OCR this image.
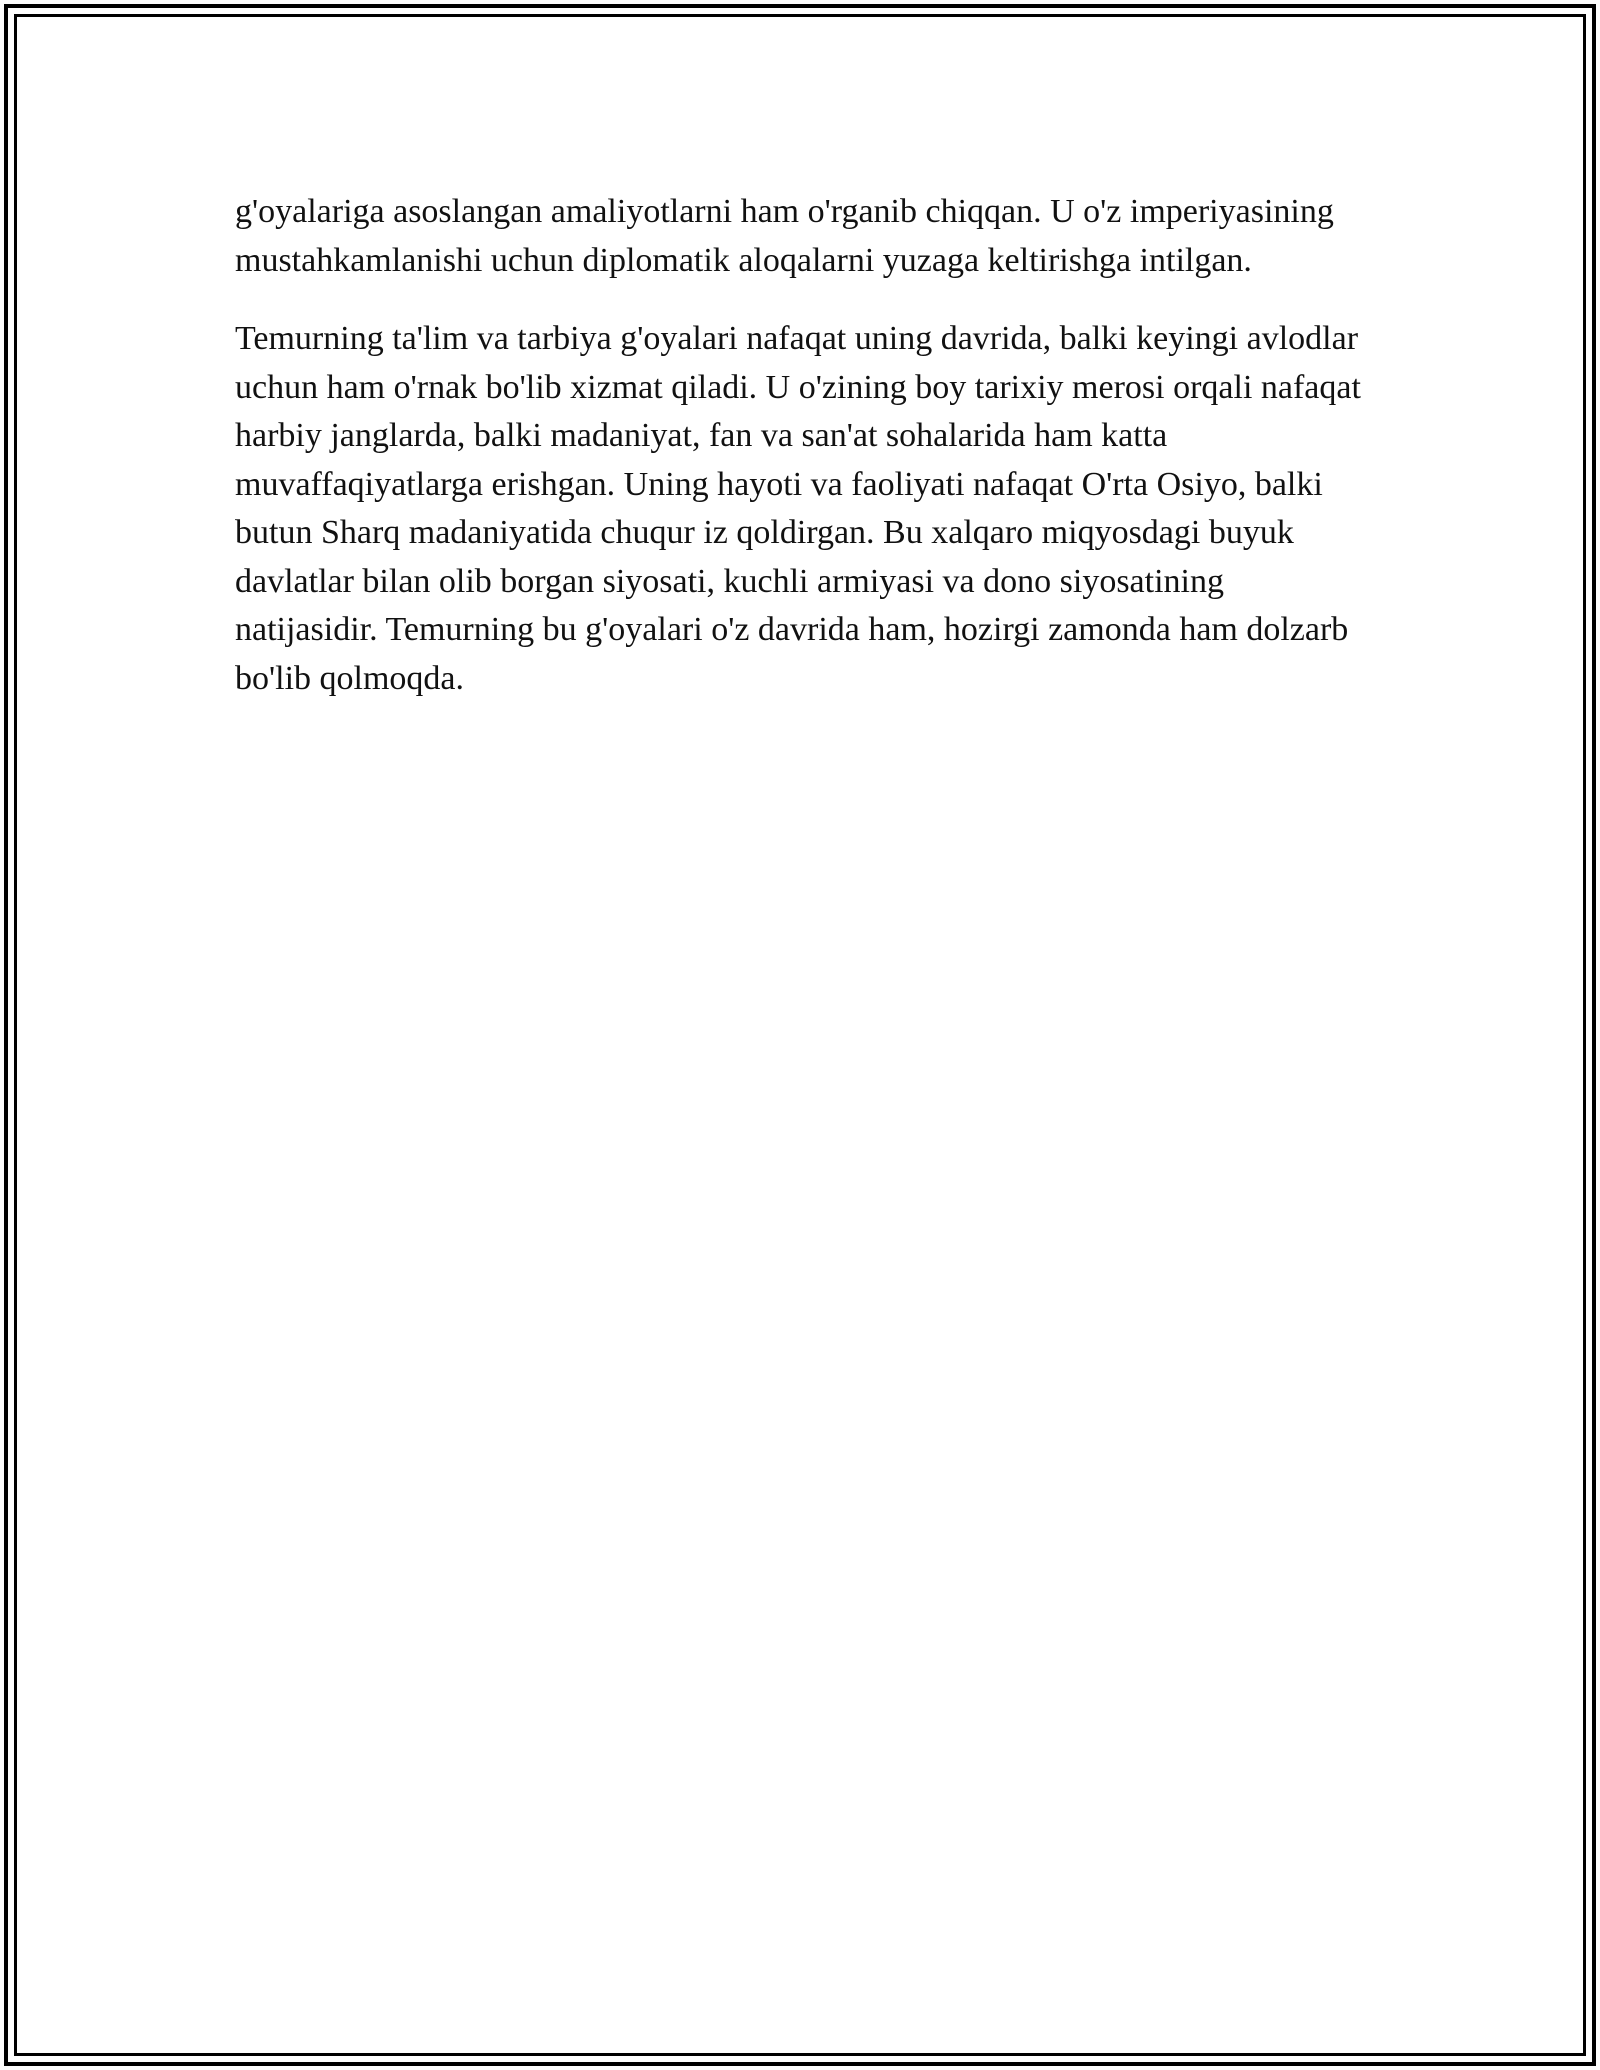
g'oyalariga asoslangan amaliyotlarni ham o'rganib chiqqan. U o'z imperiyasining mustahkamlanishi uchun diplomatik aloqalarni yuzaga keltirishga intilgan.

Temurning ta'lim va tarbiya g'oyalari nafaqat uning davrida, balki keyingi avlodlar uchun ham o'rnak bo'lib xizmat qiladi. U o'zining boy tarixiy merosi orqali nafaqat harbiy janglarda, balki madaniyat, fan va san'at sohalarida ham katta muvaffaqiyatlarga erishgan. Uning hayoti va faoliyati nafaqat O'rta Osiyo, balki butun Sharq madaniyatida chuqur iz qoldirgan. Bu xalqaro miqyosdagi buyuk davlatlar bilan olib borgan siyosati, kuchli armiyasi va dono siyosatining natijasidir. Temurning bu g'oyalari o'z davrida ham, hozirgi zamonda ham dolzarb bo'lib qolmoqda.
